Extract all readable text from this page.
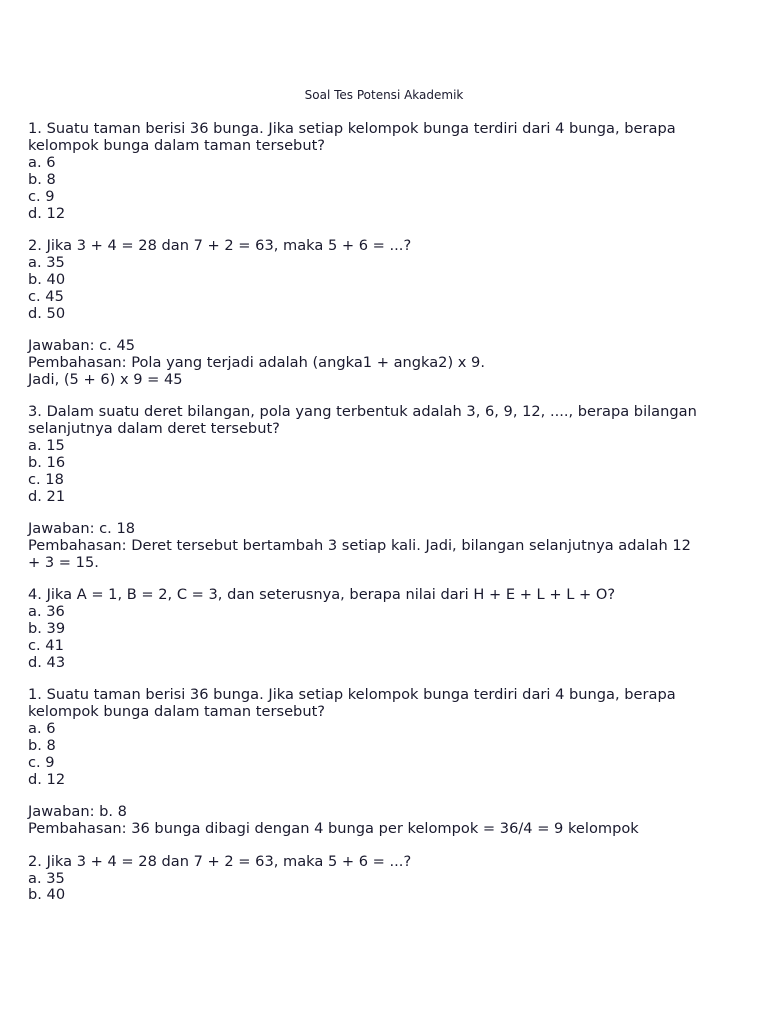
Soal Tes Potensi Akademik
1. Suatu taman berisi 36 bunga. Jika setiap kelompok bunga terdiri dari 4 bunga, berapa
kelompok bunga dalam taman tersebut?
a. 6
b. 8
c. 9
d. 12
2. Jika 3 + 4 = 28 dan 7 + 2 = 63, maka 5 + 6 = ...?
a. 35
b. 40
c. 45
d. 50
Jawaban: c. 45
Pembahasan: Pola yang terjadi adalah (angka1 + angka2) x 9.
Jadi, (5 + 6) x 9 = 45
3. Dalam suatu deret bilangan, pola yang terbentuk adalah 3, 6, 9, 12, ...., berapa bilangan
selanjutnya dalam deret tersebut?
a. 15
b. 16
c. 18
d. 21
Jawaban: c. 18
Pembahasan: Deret tersebut bertambah 3 setiap kali. Jadi, bilangan selanjutnya adalah 12
+ 3 = 15.
4. Jika A = 1, B = 2, C = 3, dan seterusnya, berapa nilai dari H + E + L + L + O?
a. 36
b. 39
c. 41
d. 43
1. Suatu taman berisi 36 bunga. Jika setiap kelompok bunga terdiri dari 4 bunga, berapa
kelompok bunga dalam taman tersebut?
a. 6
b. 8
c. 9
d. 12
Jawaban: b. 8
Pembahasan: 36 bunga dibagi dengan 4 bunga per kelompok = 36/4 = 9 kelompok
2. Jika 3 + 4 = 28 dan 7 + 2 = 63, maka 5 + 6 = ...?
a. 35
b. 40
